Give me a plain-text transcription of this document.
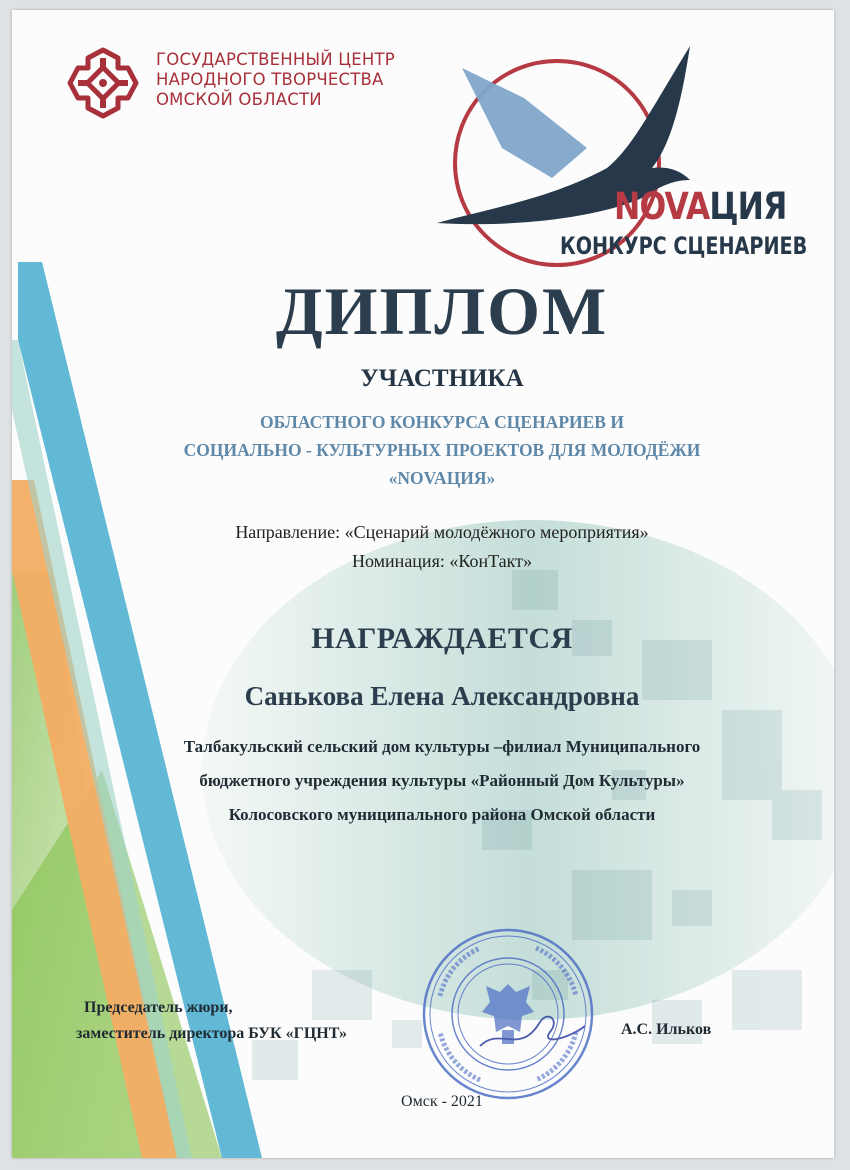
ГОСУДАРСТВЕННЫЙ ЦЕНТР
НАРОДНОГО ТВОРЧЕСТВА
ОМСКОЙ ОБЛАСТИ
NOVAЦИЯ
КОНКУРС СЦЕНАРИЕВ
ДИПЛОМ
УЧАСТНИКА
ОБЛАСТНОГО КОНКУРСА СЦЕНАРИЕВ И
СОЦИАЛЬНО - КУЛЬТУРНЫХ ПРОЕКТОВ ДЛЯ МОЛОДЁЖИ
«NOVAЦИЯ»
Направление: «Сценарий молодёжного мероприятия»
Номинация: «КонТакт»
НАГРАЖДАЕТСЯ
Санькова Елена Александровна
Талбакульский сельский дом культуры –филиал Муниципального
бюджетного учреждения культуры «Районный Дом Культуры»
Колосовского муниципального района Омской области
Председатель жюри,
заместитель директора БУК «ГЦНТ»	А.С. Ильков
Омск - 2021
